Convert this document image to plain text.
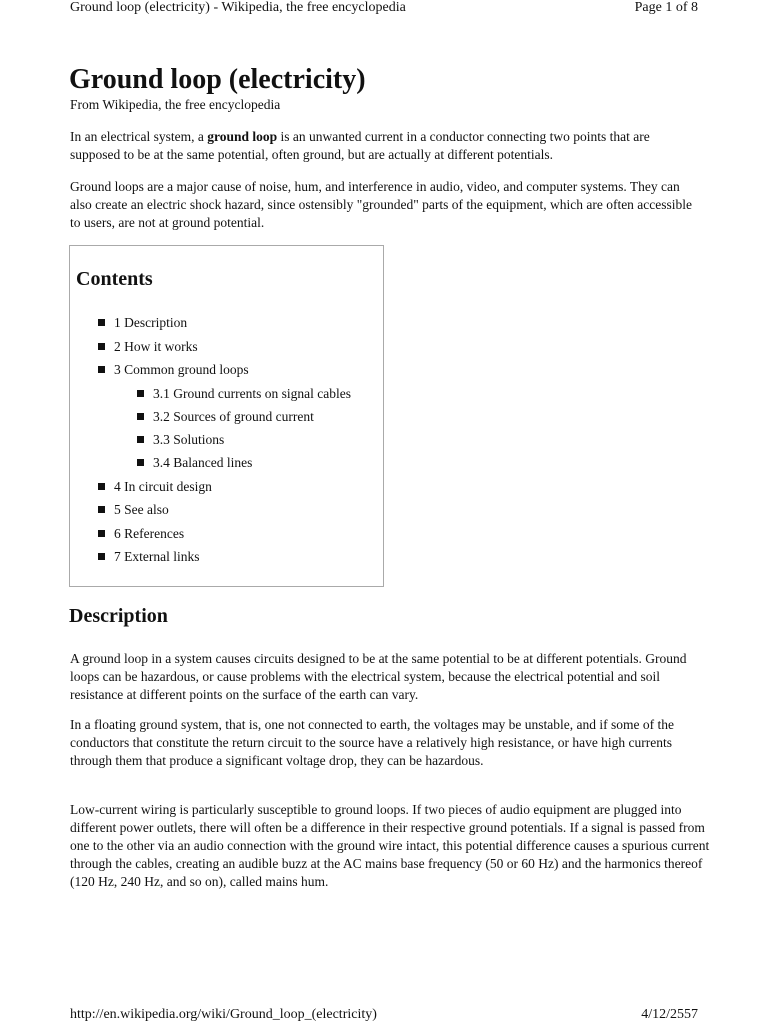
Ground loop (electricity) - Wikipedia, the free encyclopedia	Page 1 of 8
Ground loop (electricity)
From Wikipedia, the free encyclopedia

In an electrical system, a ground loop is an unwanted current in a conductor connecting two points that are supposed to be at the same potential, often ground, but are actually at different potentials.

Ground loops are a major cause of noise, hum, and interference in audio, video, and computer systems. They can also create an electric shock hazard, since ostensibly "grounded" parts of the equipment, which are often accessible to users, are not at ground potential.

Contents
1 Description
2 How it works
3 Common ground loops
3.1 Ground currents on signal cables
3.2 Sources of ground current
3.3 Solutions
3.4 Balanced lines
4 In circuit design
5 See also
6 References
7 External links
Description

A ground loop in a system causes circuits designed to be at the same potential to be at different potentials. Ground loops can be hazardous, or cause problems with the electrical system, because the electrical potential and soil resistance at different points on the surface of the earth can vary.

In a floating ground system, that is, one not connected to earth, the voltages may be unstable, and if some of the conductors that constitute the return circuit to the source have a relatively high resistance, or have high currents through them that produce a significant voltage drop, they can be hazardous.

Low-current wiring is particularly susceptible to ground loops. If two pieces of audio equipment are plugged into different power outlets, there will often be a difference in their respective ground potentials. If a signal is passed from one to the other via an audio connection with the ground wire intact, this potential difference causes a spurious current through the cables, creating an audible buzz at the AC mains base frequency (50 or 60 Hz) and the harmonics thereof (120 Hz, 240 Hz, and so on), called mains hum.

http://en.wikipedia.org/wiki/Ground_loop_(electricity)	4/12/2557
